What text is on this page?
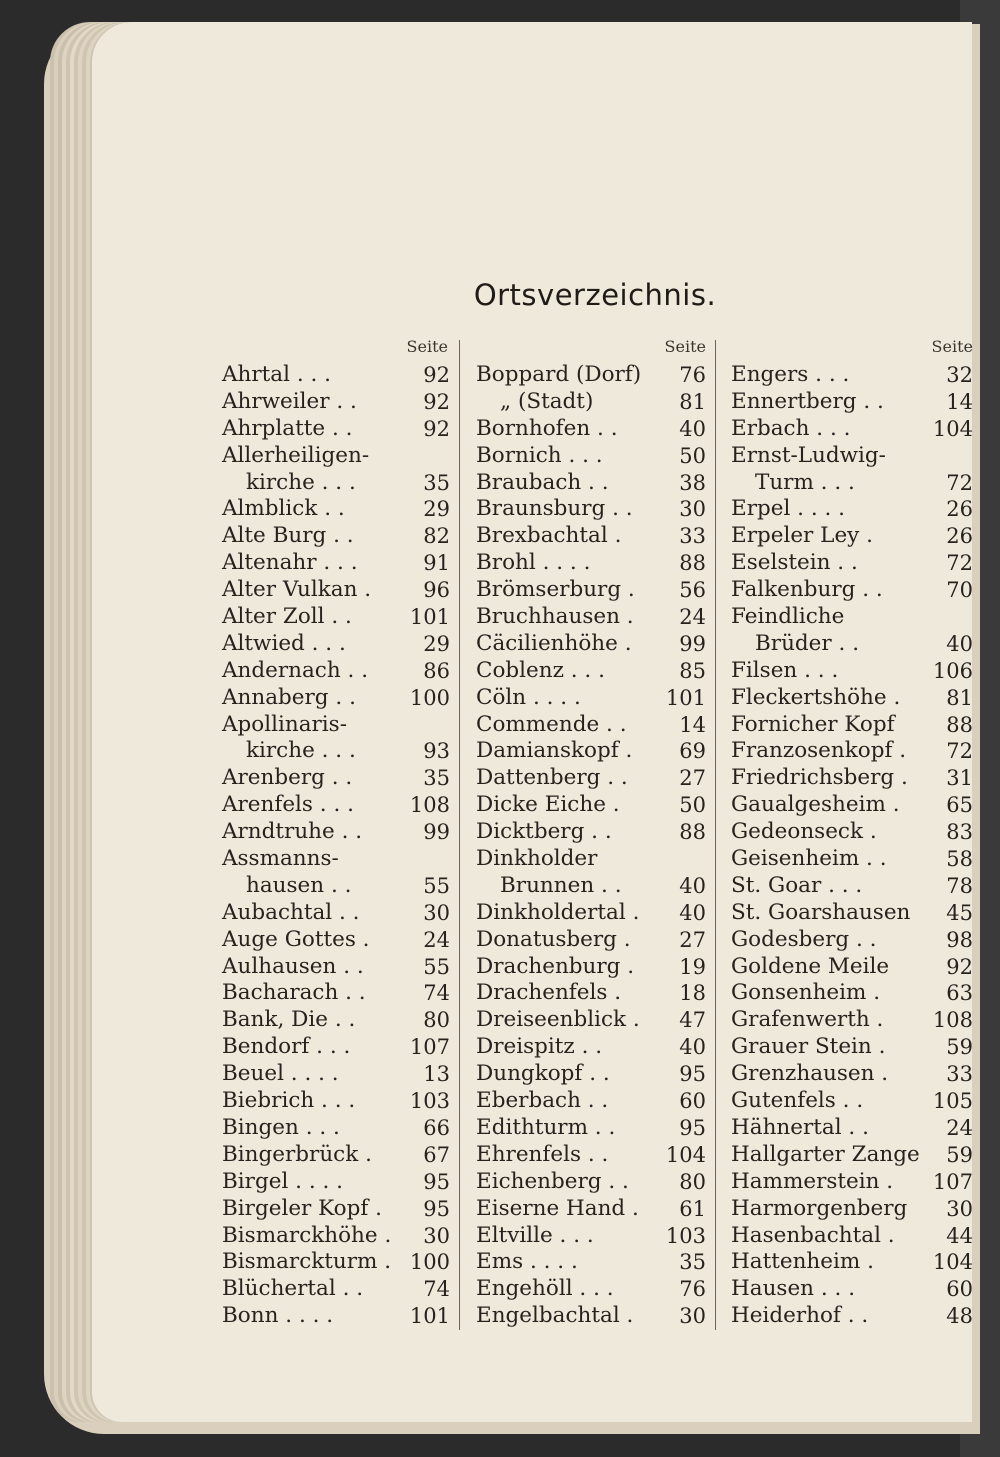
Ortsverzeichnis.
Seite
Ahrtal . . .	92
Ahrweiler . .	92
Ahrplatte . .	92
Allerheiligen-
kirche . . .	35
Almblick . .	29
Alte Burg . .	82
Altenahr . . .	91
Alter Vulkan . 96
Alter Zoll . .	101
Altwied . . .	29
Andernach . .	86
Annaberg . .	100
Apollinaris-
kirche . . .	93
Arenberg . .	35
Arenfels . . .	108
Arndtruhe . .	99
Assmanns-
hausen . .	55
Aubachtal . .	30
Auge Gottes .	24
Aulhausen . .	55
Bacharach . .	74
Bank, Die . .	80
Bendorf . . .	107
Beuel . . . .	13
Biebrich . . .	103
Bingen . . .	66
Bingerbrück . 67
Birgel . . . .	95
Birgeler Kopf . 95
Bismarckhöhe . 30
Bismarckturm . 100
Blüchertal . .	74
Bonn . . . .	101
Seite
Boppard (Dorf) 76
„ (Stadt)	81
Bornhofen . .	40
Bornich . . .	50
Braubach . .	38
Braunsburg . . 30
Brexbachtal .	33
Brohl . . . .	88
Brömserburg . 56
Bruchhausen . 24
Cäcilienhöhe . 99
Coblenz . . .	85
Cöln . . . .	101
Commende . .	14
Damianskopf . 69
Dattenberg . . 27
Dicke Eiche .	50
Dicktberg . .	88
Dinkholder
Brunnen . .	40
Dinkholdertal . 40
Donatusberg . 27
Drachenburg . 19
Drachenfels .	18
Dreiseenblick . 47
Dreispitz . .	40
Dungkopf . .	95
Eberbach . .	60
Edithturm . .	95
Ehrenfels . .	104
Eichenberg . . 80
Eiserne Hand . 61
Eltville . . .	103
Ems . . . .	35
Engehöll . . .	76
Engelbachtal . 30
Seite
Engers . . .	32
Ennertberg . .	14
Erbach . . .	104
Ernst-Ludwig-
Turm . . .	72
Erpel . . . .	26
Erpeler Ley .	26
Eselstein . .	72
Falkenburg . .	70
Feindliche
Brüder . .	40
Filsen . . .	106
Fleckertshöhe . 81
Fornicher Kopf 88
Franzosenkopf . 72
Friedrichsberg . 31
Gaualgesheim . 65
Gedeonseck .	83
Geisenheim . .	58
St. Goar . . .	78
St. Goarshausen 45
Godesberg . .	98
Goldene Meile	92
Gonsenheim .	63
Grafenwerth . 108
Grauer Stein .	59
Grenzhausen .	33
Gutenfels . .	105
Hähnertal . .	24
Hallgarter Zange 59
Hammerstein . 107
Harmorgenberg 30
Hasenbachtal . 44
Hattenheim .	104
Hausen . . .	60
Heiderhof . .	48
